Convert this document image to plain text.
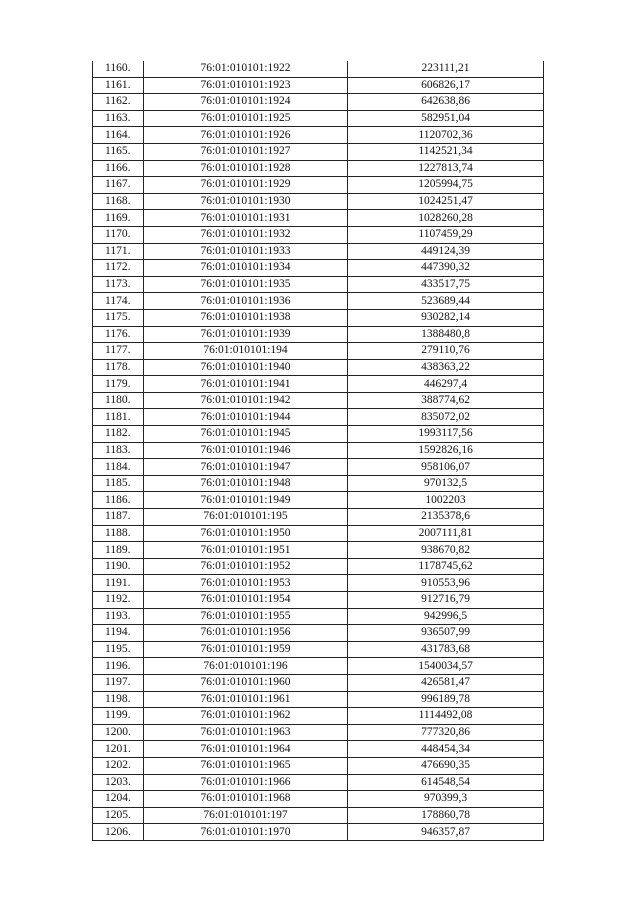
1160.	76:01:010101:1922	223111,21
1161.	76:01:010101:1923	606826,17
1162.	76:01:010101:1924	642638,86
1163.	76:01:010101:1925	582951,04
1164.	76:01:010101:1926	1120702,36
1165.	76:01:010101:1927	1142521,34
1166.	76:01:010101:1928	1227813,74
1167.	76:01:010101:1929	1205994,75
1168.	76:01:010101:1930	1024251,47
1169.	76:01:010101:1931	1028260,28
1170.	76:01:010101:1932	1107459,29
1171.	76:01:010101:1933	449124,39
1172.	76:01:010101:1934	447390,32
1173.	76:01:010101:1935	433517,75
1174.	76:01:010101:1936	523689,44
1175.	76:01:010101:1938	930282,14
1176.	76:01:010101:1939	1388480,8
1177.	76:01:010101:194	279110,76
1178.	76:01:010101:1940	438363,22
1179.	76:01:010101:1941	446297,4
1180.	76:01:010101:1942	388774,62
1181.	76:01:010101:1944	835072,02
1182.	76:01:010101:1945	1993117,56
1183.	76:01:010101:1946	1592826,16
1184.	76:01:010101:1947	958106,07
1185.	76:01:010101:1948	970132,5
1186.	76:01:010101:1949	1002203
1187.	76:01:010101:195	2135378,6
1188.	76:01:010101:1950	2007111,81
1189.	76:01:010101:1951	938670,82
1190.	76:01:010101:1952	1178745,62
1191.	76:01:010101:1953	910553,96
1192.	76:01:010101:1954	912716,79
1193.	76:01:010101:1955	942996,5
1194.	76:01:010101:1956	936507,99
1195.	76:01:010101:1959	431783,68
1196.	76:01:010101:196	1540034,57
1197.	76:01:010101:1960	426581,47
1198.	76:01:010101:1961	996189,78
1199.	76:01:010101:1962	1114492,08
1200.	76:01:010101:1963	777320,86
1201.	76:01:010101:1964	448454,34
1202.	76:01:010101:1965	476690,35
1203.	76:01:010101:1966	614548,54
1204.	76:01:010101:1968	970399,3
1205.	76:01:010101:197	178860,78
1206.	76:01:010101:1970	946357,87
